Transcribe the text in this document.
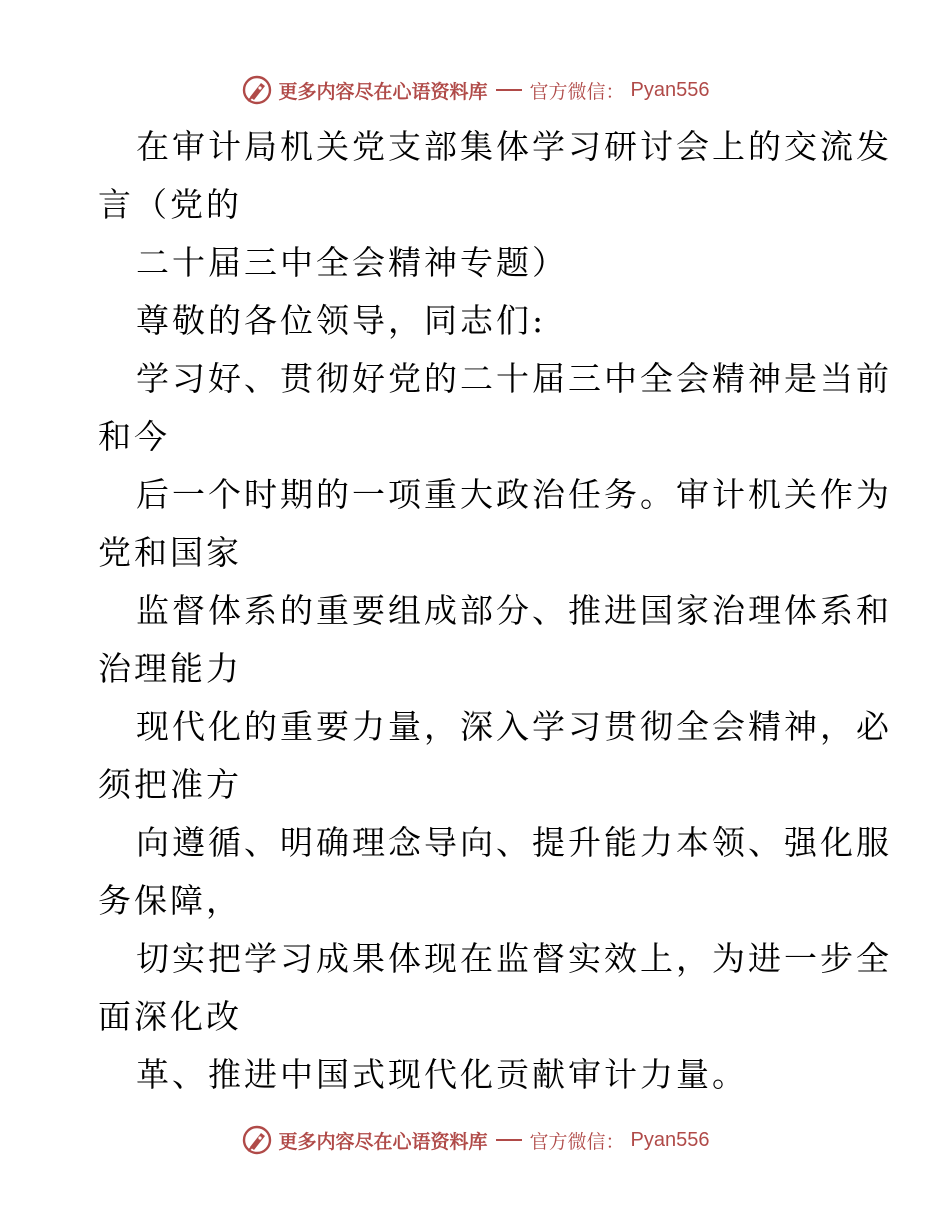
更多内容尽在心语资料库 官方微信： Pyan556
在审计局机关党支部集体学习研讨会上的交流发
言（党的
二十届三中全会精神专题）
尊敬的各位领导，同志们:
学习好、贯彻好党的二十届三中全会精神是当前
和今
后一个时期的一项重大政治任务。审计机关作为
党和国家
监督体系的重要组成部分、推进国家治理体系和
治理能力
现代化的重要力量，深入学习贯彻全会精神，必
须把准方
向遵循、明确理念导向、提升能力本领、强化服
务保障，
切实把学习成果体现在监督实效上，为进一步全
面深化改
革、推进中国式现代化贡献审计力量。
更多内容尽在心语资料库 官方微信： Pyan556
